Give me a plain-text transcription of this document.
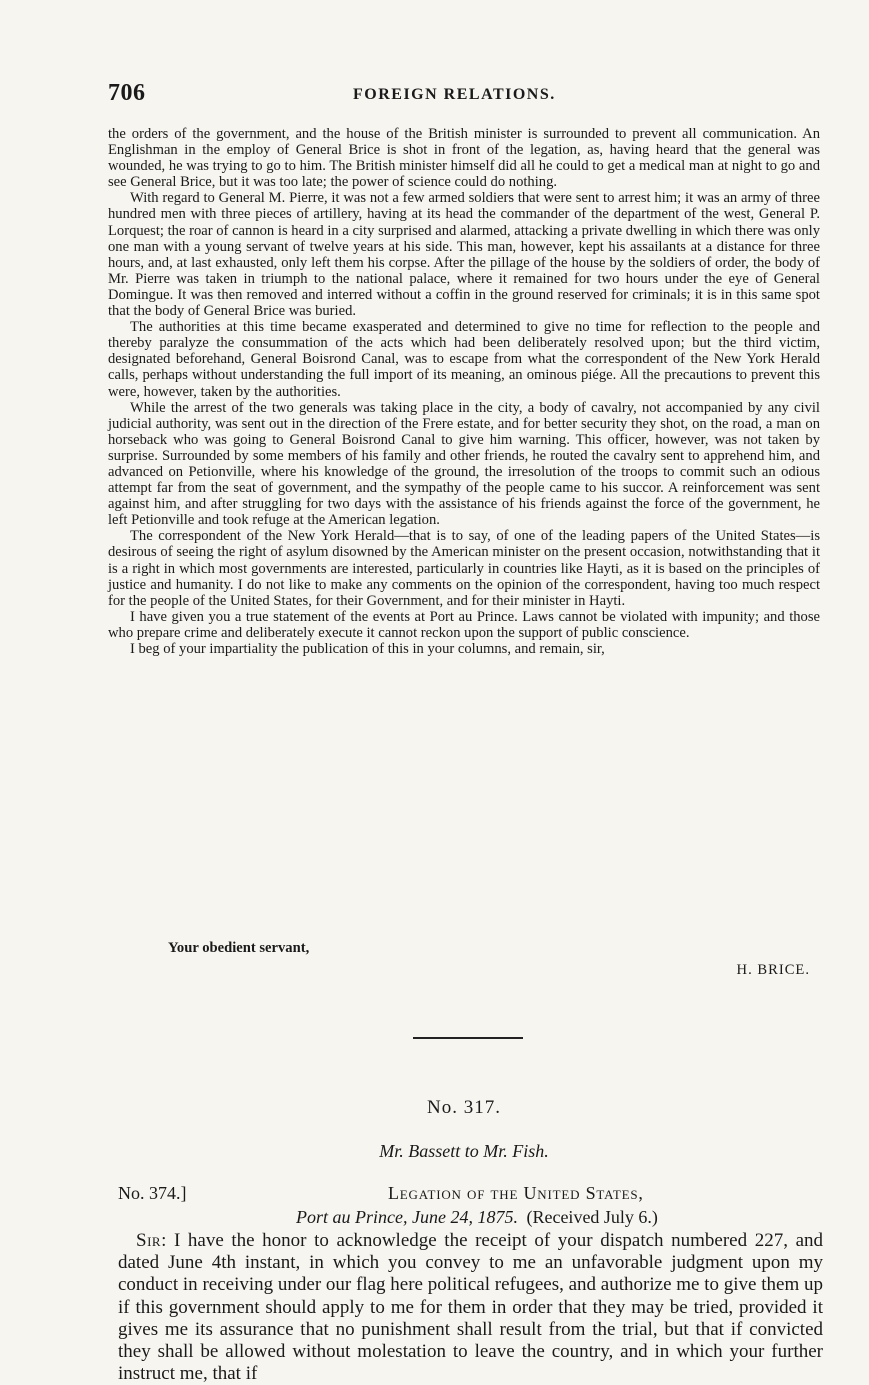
706	FOREIGN RELATIONS.

the orders of the government, and the house of the British minister is surrounded to prevent all communication. An Englishman in the employ of General Brice is shot in front of the legation, as, having heard that the general was wounded, he was trying to go to him. The British minister himself did all he could to get a medical man at night to go and see General Brice, but it was too late; the power of science could do nothing.

With regard to General M. Pierre, it was not a few armed soldiers that were sent to arrest him; it was an army of three hundred men with three pieces of artillery, having at its head the commander of the department of the west, General P. Lorquest; the roar of cannon is heard in a city surprised and alarmed, attacking a private dwelling in which there was only one man with a young servant of twelve years at his side. This man, however, kept his assailants at a distance for three hours, and, at last exhausted, only left them his corpse. After the pillage of the house by the soldiers of order, the body of Mr. Pierre was taken in triumph to the national palace, where it remained for two hours under the eye of General Domingue. It was then removed and interred without a coffin in the ground reserved for criminals; it is in this same spot that the body of General Brice was buried.

The authorities at this time became exasperated and determined to give no time for reflection to the people and thereby paralyze the consummation of the acts which had been deliberately resolved upon; but the third victim, designated beforehand, General Boisrond Canal, was to escape from what the correspondent of the New York Herald calls, perhaps without understanding the full import of its meaning, an ominous piége. All the precautions to prevent this were, however, taken by the authorities.

While the arrest of the two generals was taking place in the city, a body of cavalry, not accompanied by any civil judicial authority, was sent out in the direction of the Frere estate, and for better security they shot, on the road, a man on horseback who was going to General Boisrond Canal to give him warning. This officer, however, was not taken by surprise. Surrounded by some members of his family and other friends, he routed the cavalry sent to apprehend him, and advanced on Petionville, where his knowledge of the ground, the irresolution of the troops to commit such an odious attempt far from the seat of government, and the sympathy of the people came to his succor. A reinforcement was sent against him, and after struggling for two days with the assistance of his friends against the force of the government, he left Petionville and took refuge at the American legation.

The correspondent of the New York Herald—that is to say, of one of the leading papers of the United States—is desirous of seeing the right of asylum disowned by the American minister on the present occasion, notwithstanding that it is a right in which most governments are interested, particularly in countries like Hayti, as it is based on the principles of justice and humanity. I do not like to make any comments on the opinion of the correspondent, having too much respect for the people of the United States, for their Government, and for their minister in Hayti.

I have given you a true statement of the events at Port au Prince. Laws cannot be violated with impunity; and those who prepare crime and deliberately execute it cannot reckon upon the support of public conscience.

I beg of your impartiality the publication of this in your columns, and remain, sir,

Your obedient servant,
H. BRICE.
No. 317.
Mr. Bassett to Mr. Fish.
No. 374.]	Legation of the United States,
Port au Prince, June 24, 1875. (Received July 6.)

Sir: I have the honor to acknowledge the receipt of your dispatch numbered 227, and dated June 4th instant, in which you convey to me an unfavorable judgment upon my conduct in receiving under our flag here political refugees, and authorize me to give them up if this government should apply to me for them in order that they may be tried, provided it gives me its assurance that no punishment shall result from the trial, but that if convicted they shall be allowed without molestation to leave the country, and in which your further instruct me, that if
